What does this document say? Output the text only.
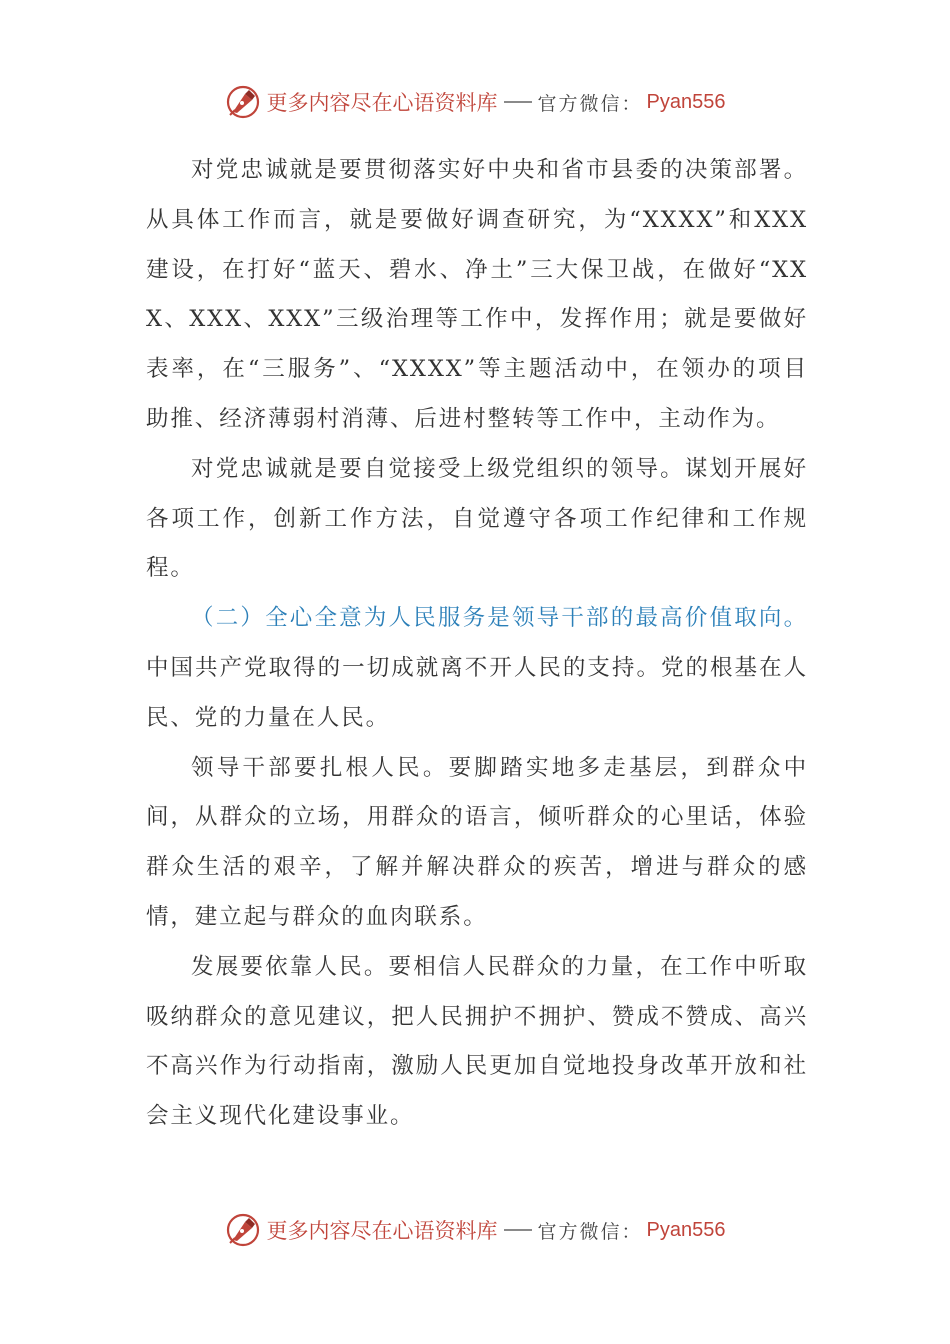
更多内容尽在心语资料库 官方微信： Pyan556

对党忠诚就是要贯彻落实好中央和省市县委的决策部署。从具体工作而言，就是要做好调查研究，为“XXXX”和XXX建设，在打好“蓝天、碧水、净土”三大保卫战，在做好“XXX、XXX、XXX”三级治理等工作中，发挥作用；就是要做好表率，在“三服务”、“XXXX”等主题活动中，在领办的项目助推、经济薄弱村消薄、后进村整转等工作中，主动作为。

对党忠诚就是要自觉接受上级党组织的领导。谋划开展好各项工作，创新工作方法，自觉遵守各项工作纪律和工作规程。

（二）全心全意为人民服务是领导干部的最高价值取向。中国共产党取得的一切成就离不开人民的支持。党的根基在人民、党的力量在人民。

领导干部要扎根人民。要脚踏实地多走基层，到群众中间，从群众的立场，用群众的语言，倾听群众的心里话，体验群众生活的艰辛，了解并解决群众的疾苦，增进与群众的感情，建立起与群众的血肉联系。

发展要依靠人民。要相信人民群众的力量，在工作中听取吸纳群众的意见建议，把人民拥护不拥护、赞成不赞成、高兴不高兴作为行动指南，激励人民更加自觉地投身改革开放和社会主义现代化建设事业。

更多内容尽在心语资料库 官方微信： Pyan556
